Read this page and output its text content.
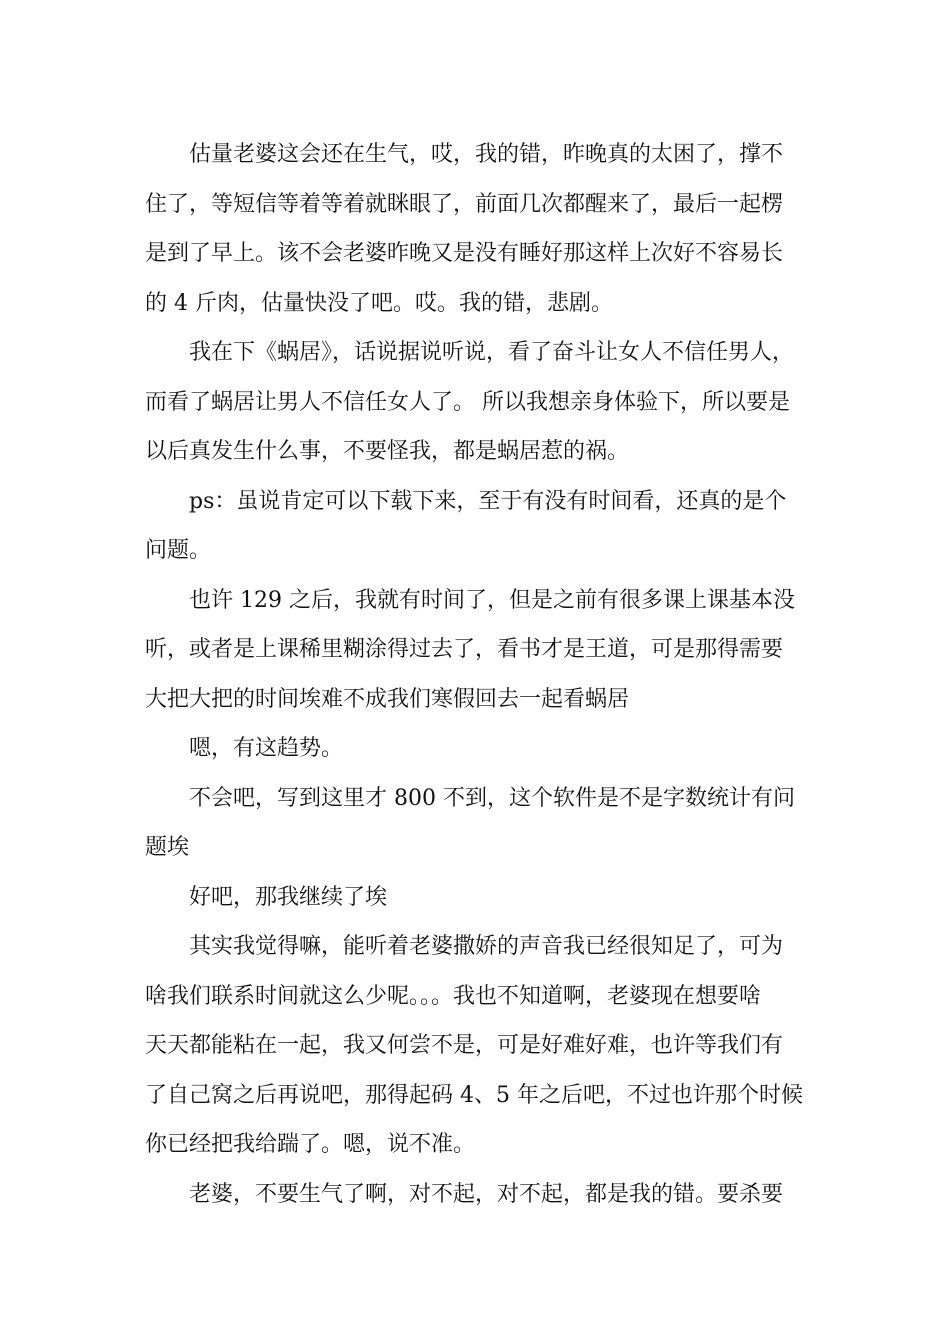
估量老婆这会还在生气，哎，我的错，昨晚真的太困了，撑不
住了，等短信等着等着就眯眼了，前面几次都醒来了，最后一起楞
是到了早上。该不会老婆昨晚又是没有睡好那这样上次好不容易长
的 4 斤肉，估量快没了吧。哎。我的错，悲剧。

我在下《蜗居》，话说据说听说，看了奋斗让女人不信任男人，
而看了蜗居让男人不信任女人了。 所以我想亲身体验下，所以要是
以后真发生什么事，不要怪我，都是蜗居惹的祸。

ps：虽说肯定可以下载下来，至于有没有时间看，还真的是个
问题。

也许 129 之后，我就有时间了，但是之前有很多课上课基本没
听，或者是上课稀里糊涂得过去了，看书才是王道，可是那得需要
大把大把的时间埃难不成我们寒假回去一起看蜗居

嗯，有这趋势。

不会吧，写到这里才 800 不到，这个软件是不是字数统计有问
题埃

好吧，那我继续了埃

其实我觉得嘛，能听着老婆撒娇的声音我已经很知足了，可为
啥我们联系时间就这么少呢。。。我也不知道啊，老婆现在想要啥
天天都能粘在一起，我又何尝不是，可是好难好难，也许等我们有
了自己窝之后再说吧，那得起码 4、5 年之后吧，不过也许那个时候
你已经把我给踹了。嗯，说不准。

老婆，不要生气了啊，对不起，对不起，都是我的错。要杀要
